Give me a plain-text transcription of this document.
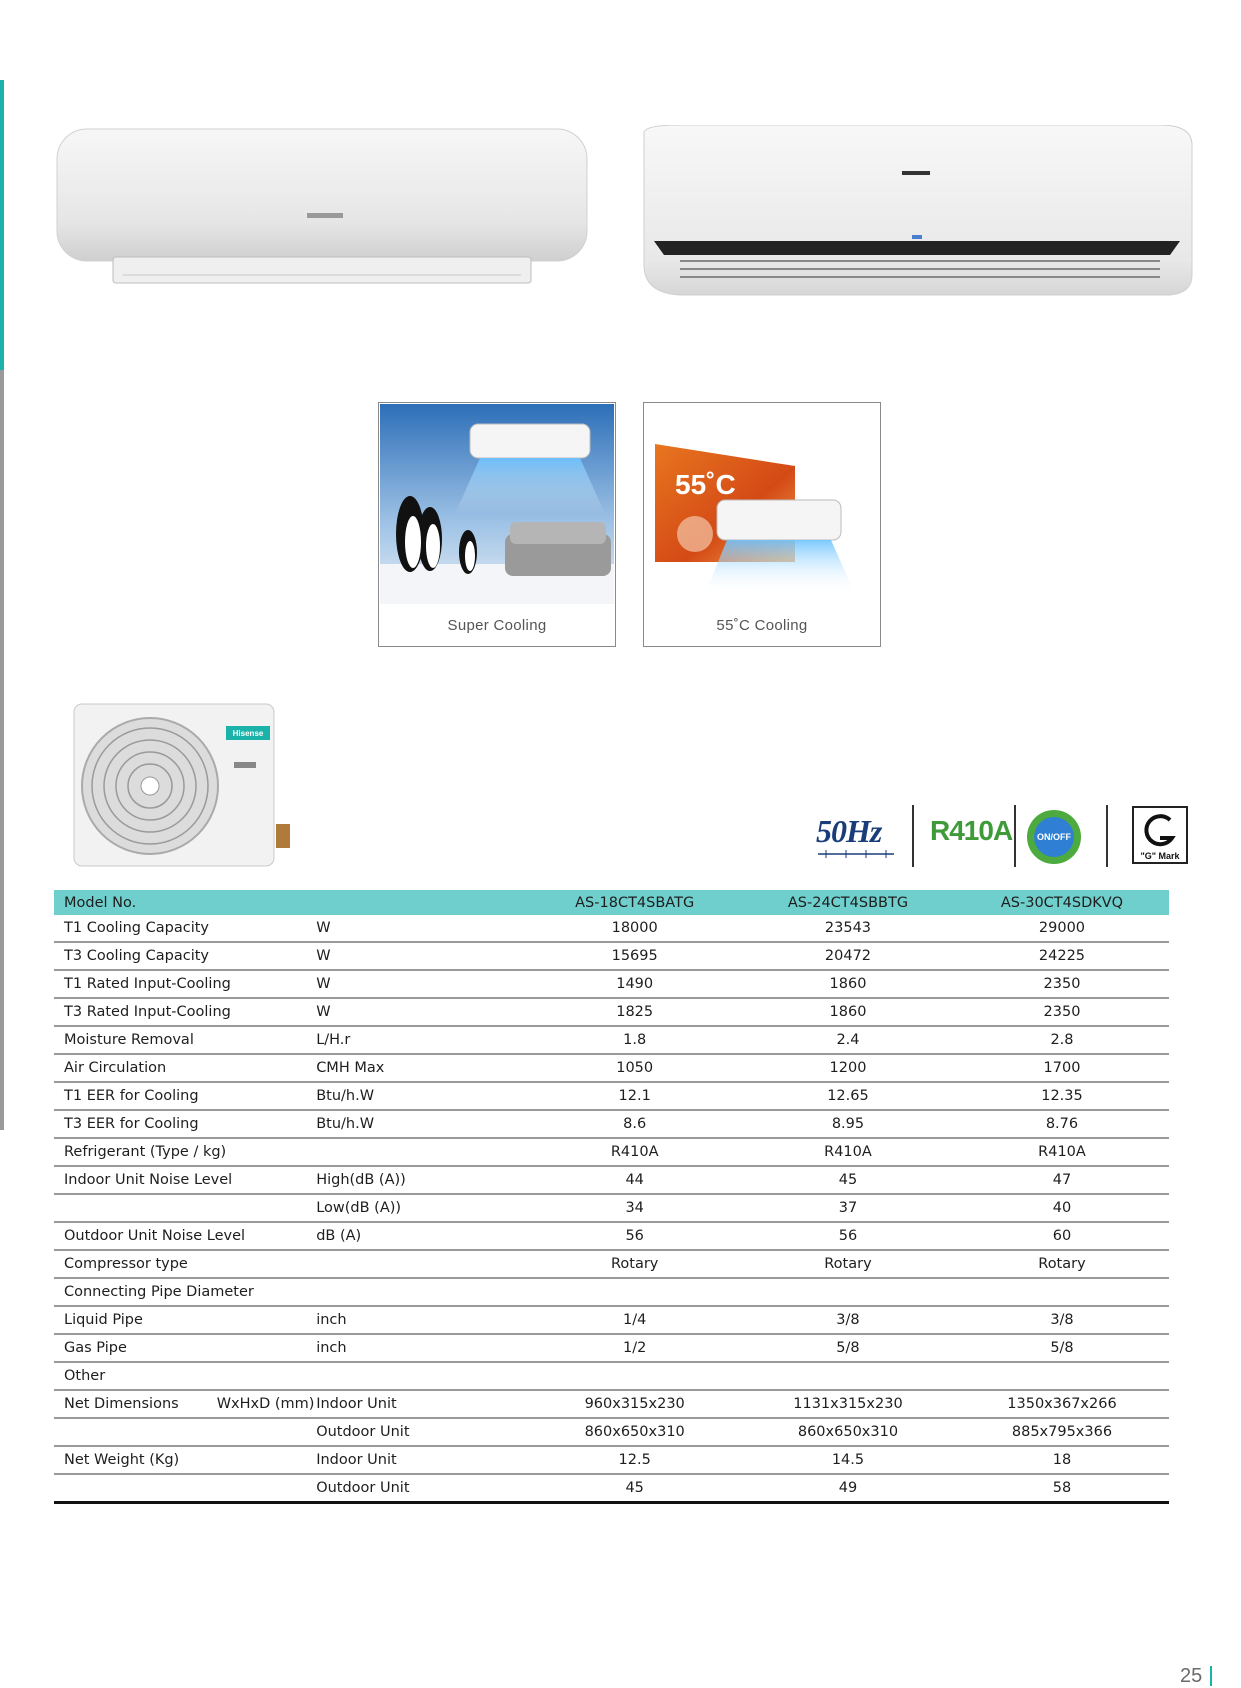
Super Cooling
55˚C
55˚C Cooling
Hisense
50Hz R410A	ON/OFF
"G" Mark
Model No.		AS-18CT4SBATG	AS-24CT4SBBTG	AS-30CT4SDKVQ
T1 Cooling Capacity	W	18000	23543	29000
T3 Cooling Capacity	W	15695	20472	24225
T1 Rated Input-Cooling	W	1490	1860	2350
T3 Rated Input-Cooling	W	1825	1860	2350
Moisture Removal	L/H.r	1.8	2.4	2.8
Air Circulation	CMH Max	1050	1200	1700
T1 EER for Cooling	Btu/h.W	12.1	12.65	12.35
T3 EER for Cooling	Btu/h.W	8.6	8.95	8.76
Refrigerant (Type / kg)		R410A	R410A	R410A
Indoor Unit Noise Level	High(dB (A))	44	45	47
	Low(dB (A))	34	37	40
Outdoor Unit Noise Level	dB (A)	56	56	60
Compressor type		Rotary	Rotary	Rotary
Connecting Pipe Diameter				
Liquid Pipe	inch	1/4	3/8	3/8
Gas Pipe	inch	1/2	5/8	5/8
Other				
Net Dimensions WxHxD (mm)	Indoor Unit	960x315x230	1131x315x230	1350x367x266
	Outdoor Unit	860x650x310	860x650x310	885x795x366
Net Weight (Kg)	Indoor Unit	12.5	14.5	18
	Outdoor Unit	45	49	58
25
